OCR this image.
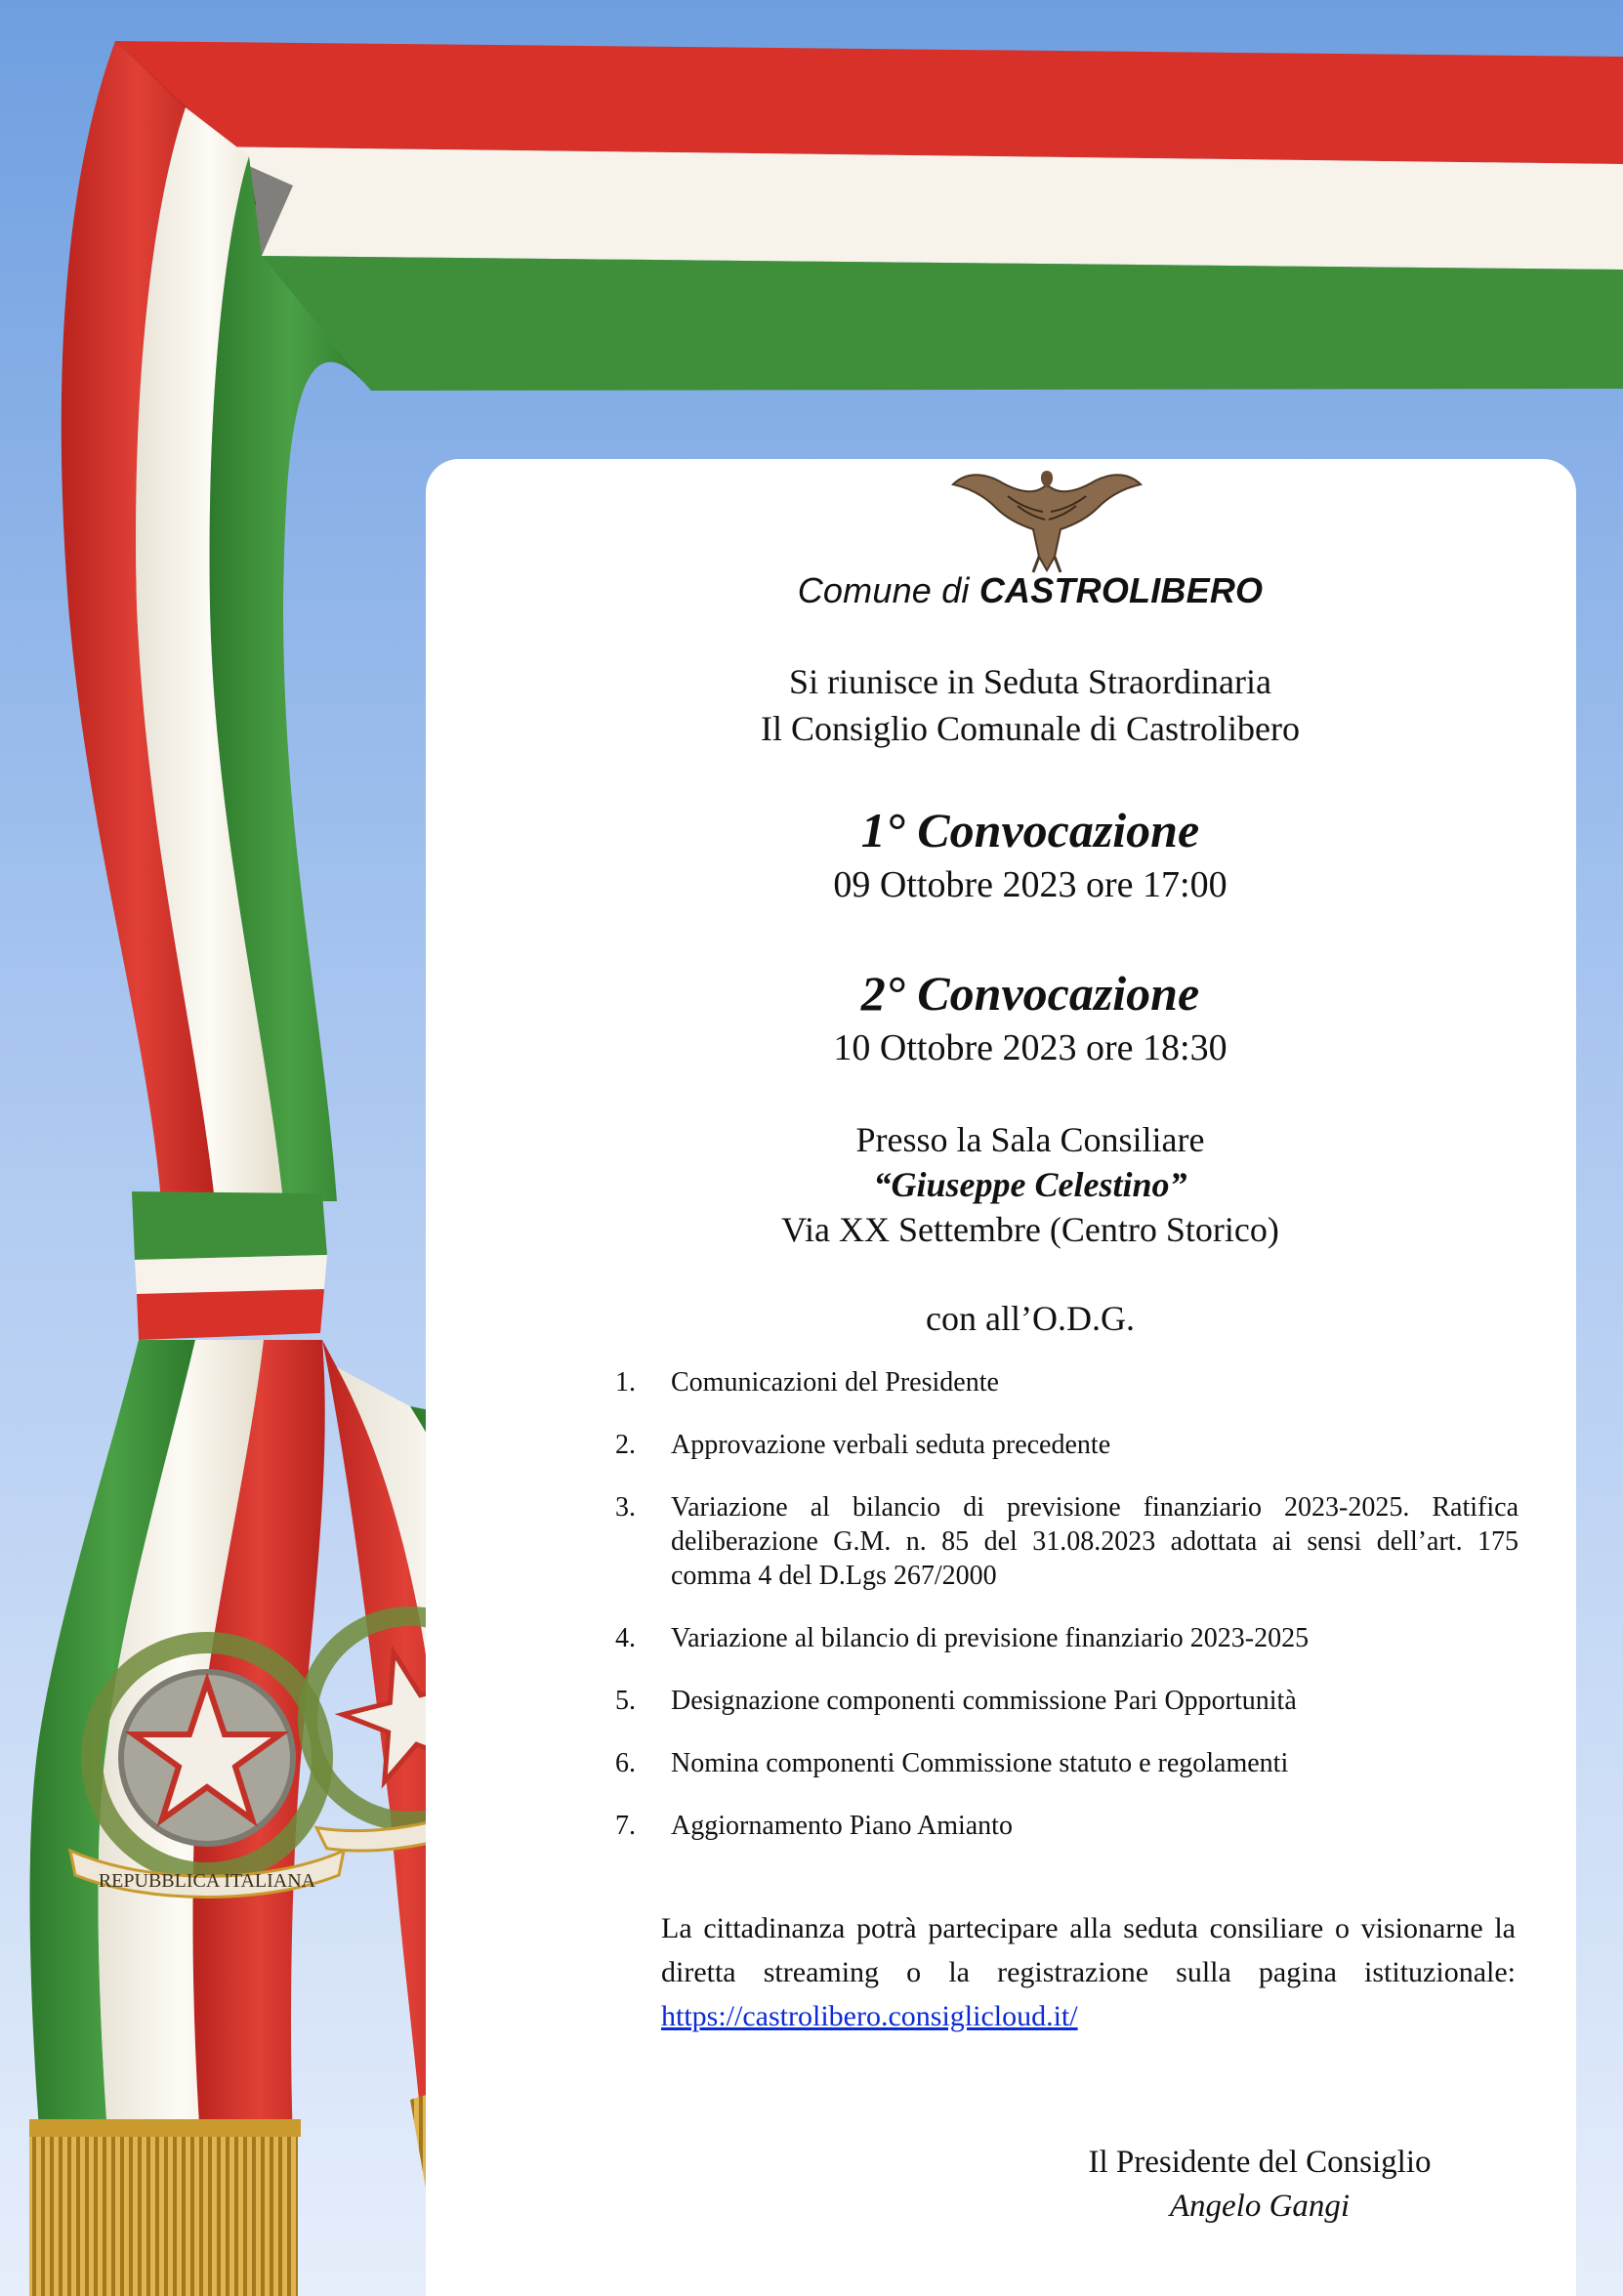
REPUBBLICA ITALIANA
Comune di CASTROLIBERO
Si riunisce in Seduta Straordinaria
Il Consiglio Comunale di Castrolibero
1° Convocazione
09 Ottobre 2023 ore 17:00
2° Convocazione
10 Ottobre 2023 ore 18:30
Presso la Sala Consiliare
“Giuseppe Celestino”
Via XX Settembre (Centro Storico)
con all’O.D.G.
1. Comunicazioni del Presidente
2. Approvazione verbali seduta precedente
3. Variazione al bilancio di previsione finanziario 2023-2025. Ratifica deliberazione G.M. n. 85 del 31.08.2023 adottata ai sensi dell’art. 175 comma 4 del D.Lgs 267/2000
4. Variazione al bilancio di previsione finanziario 2023-2025
5. Designazione componenti commissione Pari Opportunità
6. Nomina componenti Commissione statuto e regolamenti
7. Aggiornamento Piano Amianto
La cittadinanza potrà partecipare alla seduta consiliare o visionarne la diretta streaming o la registrazione sulla pagina istituzionale: https://castrolibero.consiglicloud.it/
Il Presidente del Consiglio
Angelo Gangi
